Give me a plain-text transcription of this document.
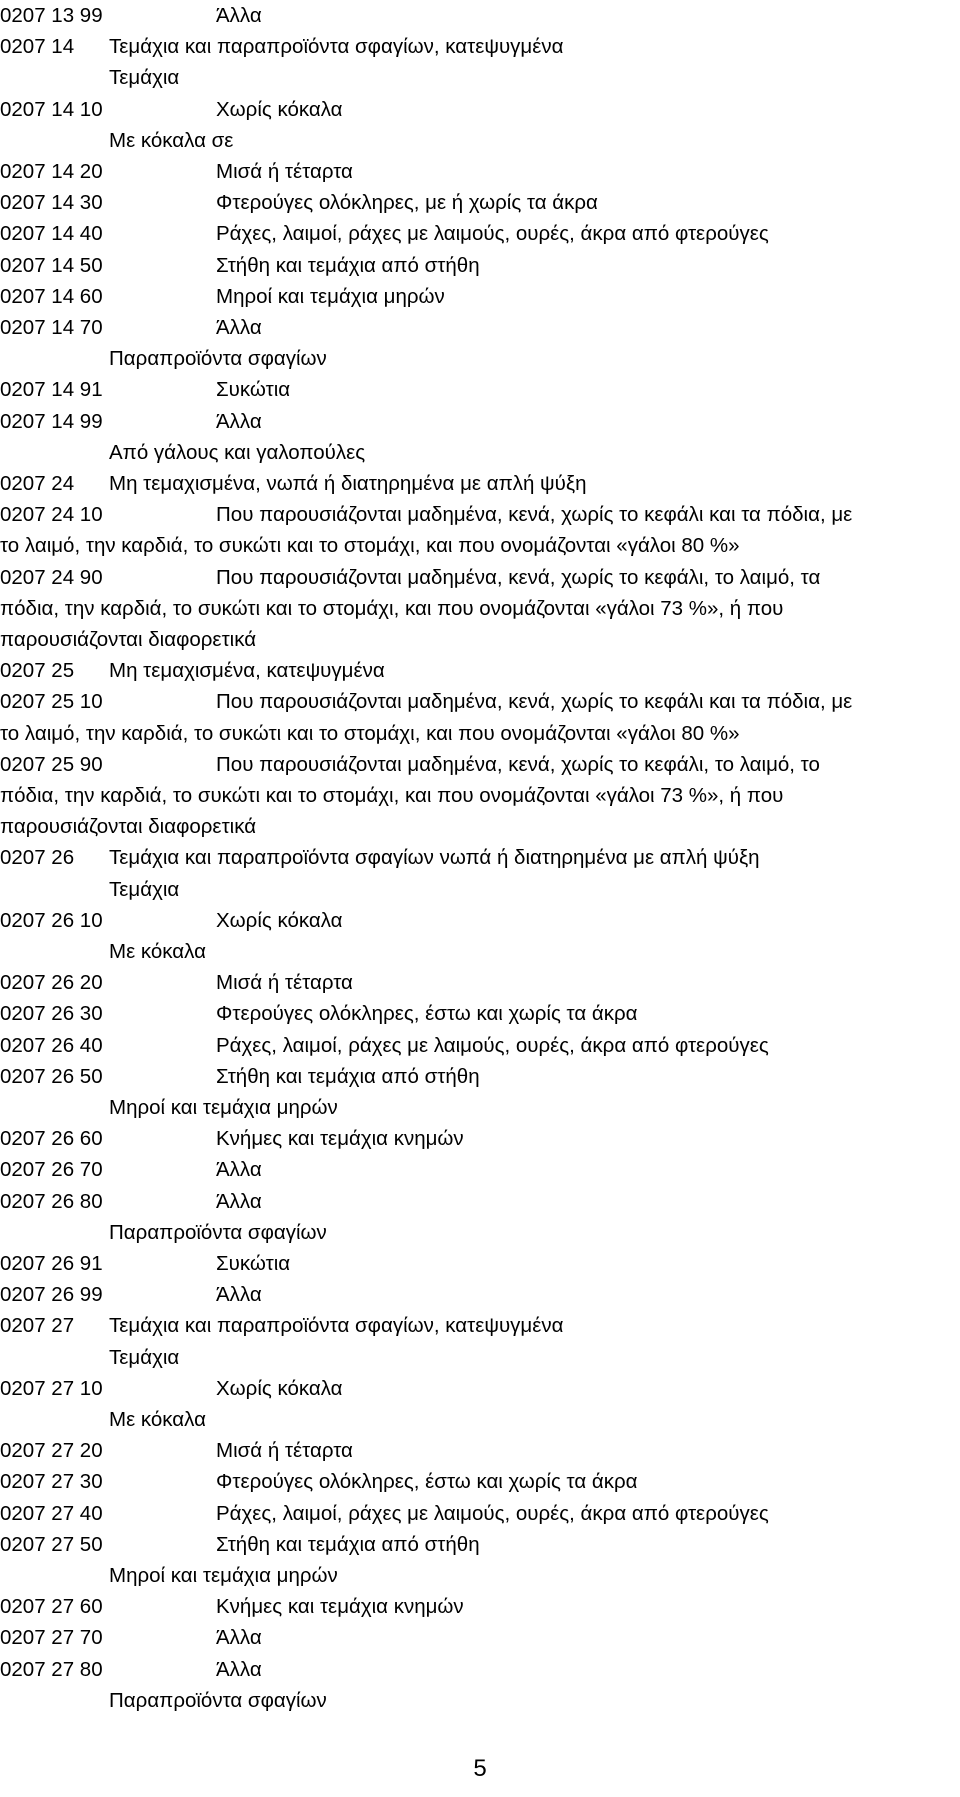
0207 13 99	Άλλα
0207 14 Τεμάχια και παραπροϊόντα σφαγίων, κατεψυγμένα
Τεμάχια
0207 14 10	Χωρίς κόκαλα
Με κόκαλα σε
0207 14 20	Μισά ή τέταρτα
0207 14 30	Φτερούγες ολόκληρες, με ή χωρίς τα άκρα
0207 14 40	Ράχες, λαιμοί, ράχες με λαιμούς, ουρές, άκρα από φτερούγες
0207 14 50	Στήθη και τεμάχια από στήθη
0207 14 60	Μηροί και τεμάχια μηρών
0207 14 70	Άλλα
Παραπροϊόντα σφαγίων
0207 14 91	Συκώτια
0207 14 99	Άλλα
Από γάλους και γαλοπούλες
0207 24 Μη τεμαχισμένα, νωπά ή διατηρημένα με απλή ψύξη
0207 24 10	Που παρουσιάζονται μαδημένα, κενά, χωρίς το κεφάλι και τα πόδια, με
το λαιμό, την καρδιά, το συκώτι και το στομάχι, και που ονομάζονται «γάλοι 80 %»
0207 24 90	Που παρουσιάζονται μαδημένα, κενά, χωρίς το κεφάλι, το λαιμό, τα
πόδια, την καρδιά, το συκώτι και το στομάχι, και που ονομάζονται «γάλοι 73 %», ή που
παρουσιάζονται διαφορετικά
0207 25 Μη τεμαχισμένα, κατεψυγμένα
0207 25 10	Που παρουσιάζονται μαδημένα, κενά, χωρίς το κεφάλι και τα πόδια, με
το λαιμό, την καρδιά, το συκώτι και το στομάχι, και που ονομάζονται «γάλοι 80 %»
0207 25 90	Που παρουσιάζονται μαδημένα, κενά, χωρίς το κεφάλι, το λαιμό, το
πόδια, την καρδιά, το συκώτι και το στομάχι, και που ονομάζονται «γάλοι 73 %», ή που
παρουσιάζονται διαφορετικά
0207 26 Τεμάχια και παραπροϊόντα σφαγίων νωπά ή διατηρημένα με απλή ψύξη
Τεμάχια
0207 26 10	Χωρίς κόκαλα
Με κόκαλα
0207 26 20	Μισά ή τέταρτα
0207 26 30	Φτερούγες ολόκληρες, έστω και χωρίς τα άκρα
0207 26 40	Ράχες, λαιμοί, ράχες με λαιμούς, ουρές, άκρα από φτερούγες
0207 26 50	Στήθη και τεμάχια από στήθη
Μηροί και τεμάχια μηρών
0207 26 60	Κνήμες και τεμάχια κνημών
0207 26 70	Άλλα
0207 26 80	Άλλα
Παραπροϊόντα σφαγίων
0207 26 91	Συκώτια
0207 26 99	Άλλα
0207 27 Τεμάχια και παραπροϊόντα σφαγίων, κατεψυγμένα
Τεμάχια
0207 27 10	Χωρίς κόκαλα
Με κόκαλα
0207 27 20	Μισά ή τέταρτα
0207 27 30	Φτερούγες ολόκληρες, έστω και χωρίς τα άκρα
0207 27 40	Ράχες, λαιμοί, ράχες με λαιμούς, ουρές, άκρα από φτερούγες
0207 27 50	Στήθη και τεμάχια από στήθη
Μηροί και τεμάχια μηρών
0207 27 60	Κνήμες και τεμάχια κνημών
0207 27 70	Άλλα
0207 27 80	Άλλα
Παραπροϊόντα σφαγίων
5
